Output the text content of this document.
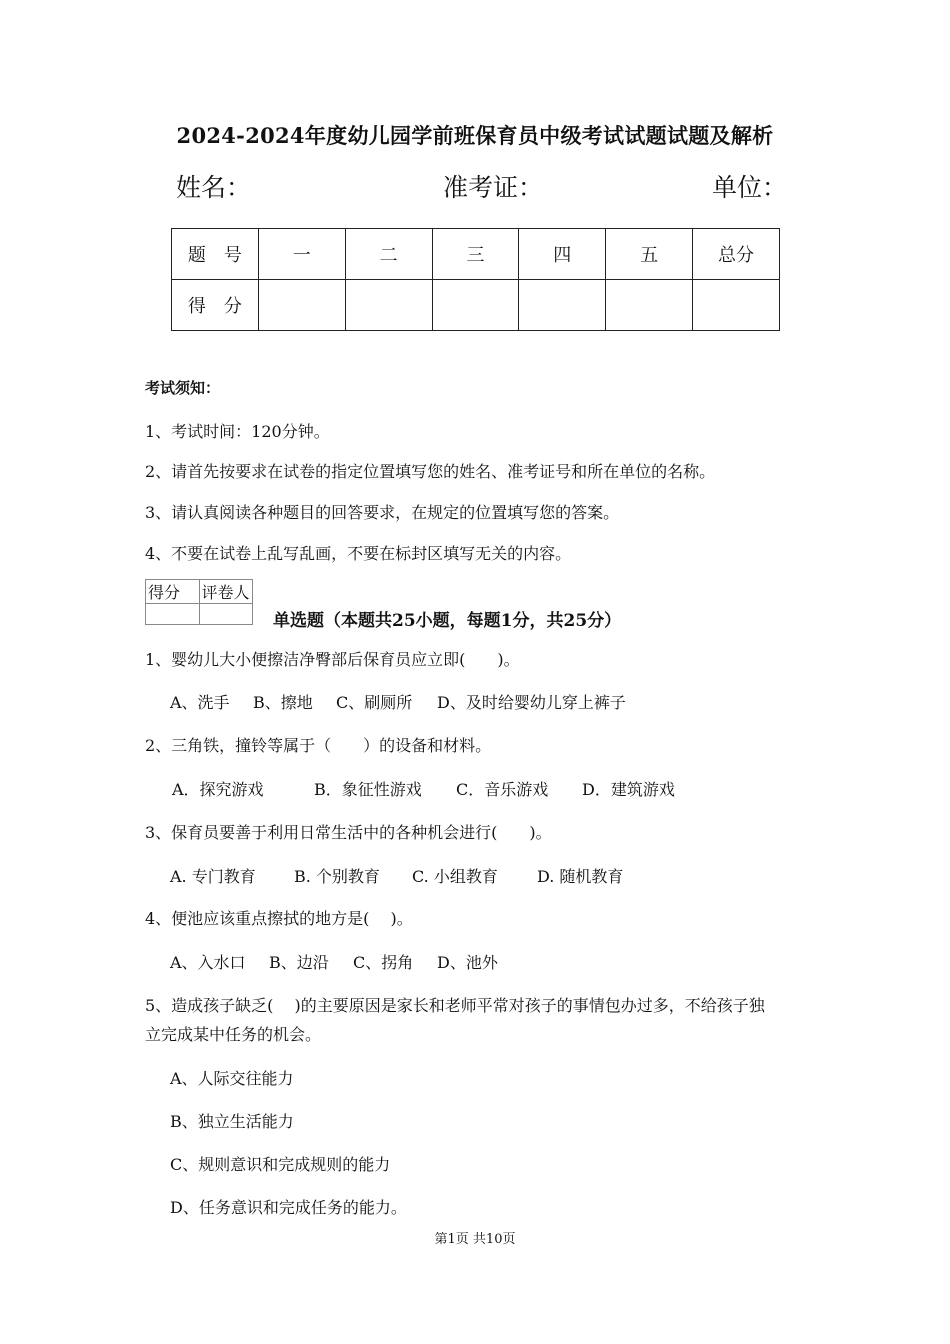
2024-2024年度幼儿园学前班保育员中级考试试题试题及解析
姓名：	准考证：	单位：
题　号	一	二	三	四	五	总分
得　分						
考试须知：
1、考试时间：120分钟。
2、请首先按要求在试卷的指定位置填写您的姓名、准考证号和所在单位的名称。
3、请认真阅读各种题目的回答要求，在规定的位置填写您的答案。
4、不要在试卷上乱写乱画，不要在标封区填写无关的内容。
得分	评卷人

单选题（本题共25小题，每题1分，共25分）
1、婴幼儿大小便擦洁净臀部后保育员应立即(　　)。
A、洗手 B、擦地 C、刷厕所 D、及时给婴幼儿穿上裤子
2、三角铁，撞铃等属于（　　）的设备和材料。
A．探究游戏	B．象征性游戏 C．音乐游戏 D．建筑游戏
3、保育员要善于利用日常生活中的各种机会进行(　　)。
A. 专门教育 B. 个别教育 C. 小组教育 D. 随机教育
4、便池应该重点擦拭的地方是(　 )。
A、入水口 B、边沿 C、拐角 D、池外
5、造成孩子缺乏(　 )的主要原因是家长和老师平常对孩子的事情包办过多，不给孩子独
立完成某中任务的机会。
A、人际交往能力
B、独立生活能力
C、规则意识和完成规则的能力
D、任务意识和完成任务的能力。
第1页 共10页
